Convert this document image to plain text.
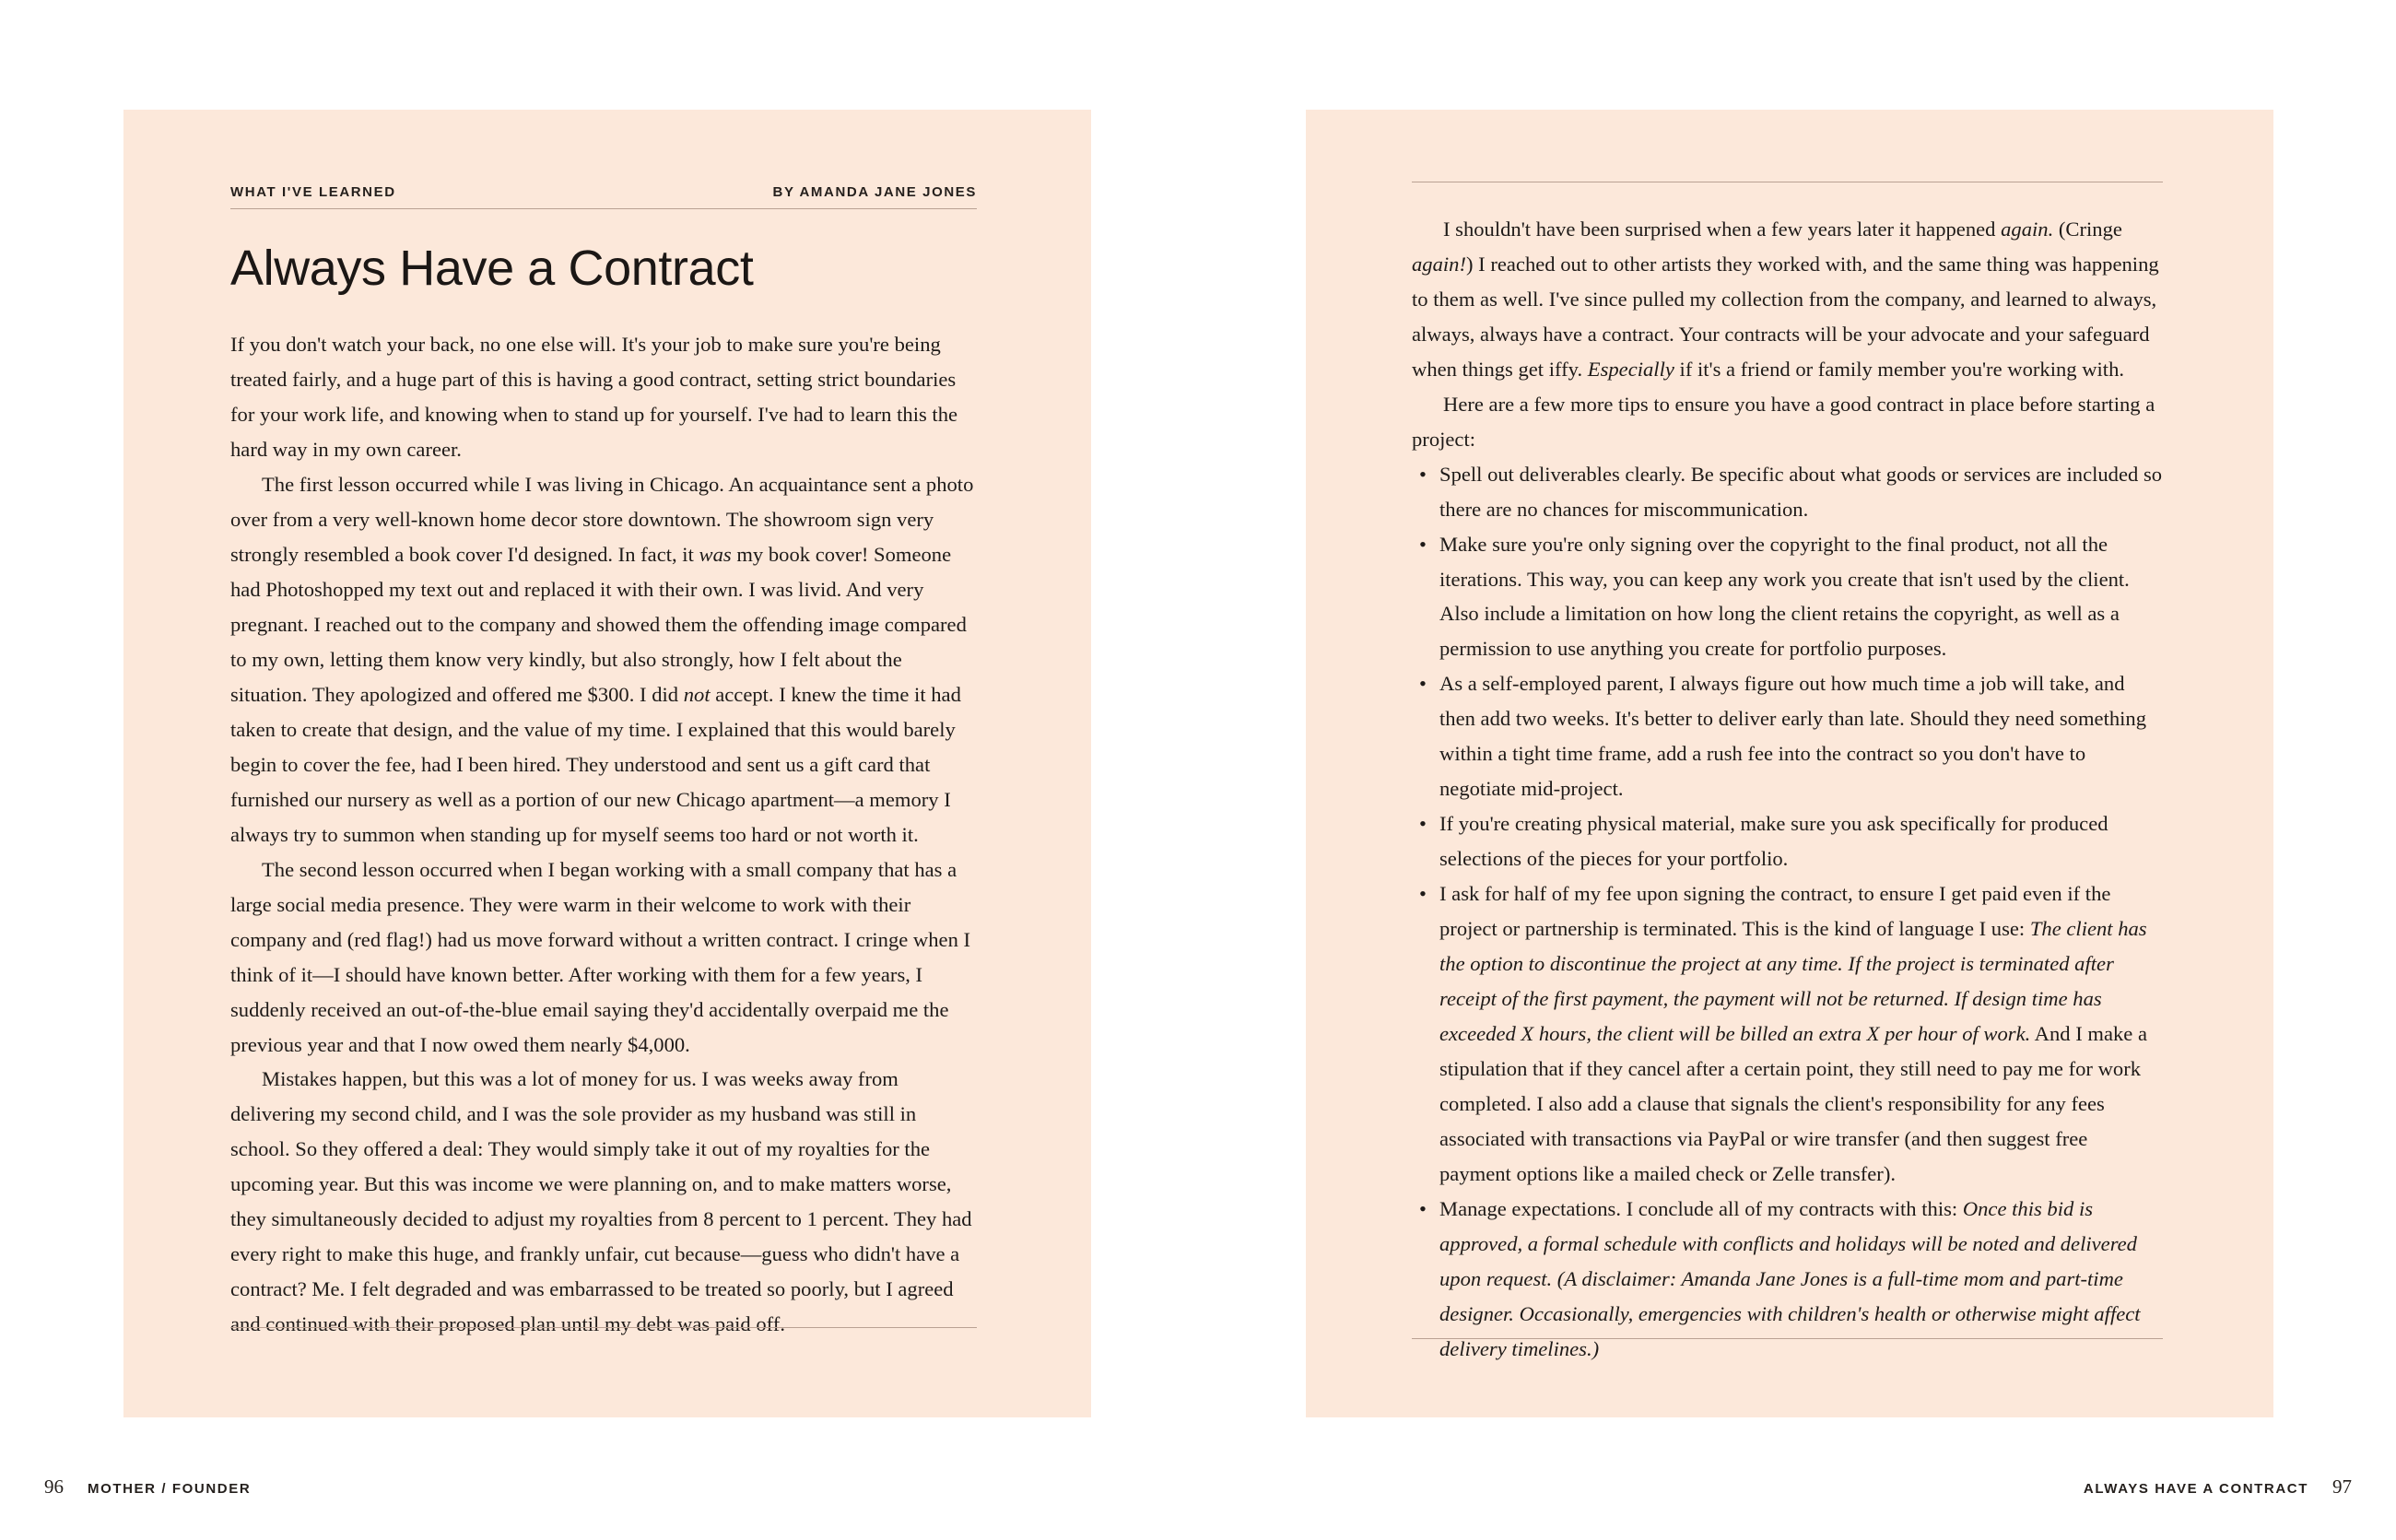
WHAT I'VE LEARNED	BY AMANDA JANE JONES
Always Have a Contract

If you don't watch your back, no one else will. It's your job to make sure you're being treated fairly, and a huge part of this is having a good contract, setting strict boundaries for your work life, and knowing when to stand up for yourself. I've had to learn this the hard way in my own career.

The first lesson occurred while I was living in Chicago. An acquaintance sent a photo over from a very well-known home decor store downtown. The showroom sign very strongly resembled a book cover I'd designed. In fact, it was my book cover! Someone had Photoshopped my text out and replaced it with their own. I was livid. And very pregnant. I reached out to the company and showed them the offending image compared to my own, letting them know very kindly, but also strongly, how I felt about the situation. They apologized and offered me $300. I did not accept. I knew the time it had taken to create that design, and the value of my time. I explained that this would barely begin to cover the fee, had I been hired. They understood and sent us a gift card that furnished our nursery as well as a portion of our new Chicago apartment—a memory I always try to summon when standing up for myself seems too hard or not worth it.

The second lesson occurred when I began working with a small company that has a large social media presence. They were warm in their welcome to work with their company and (red flag!) had us move forward without a written contract. I cringe when I think of it—I should have known better. After working with them for a few years, I suddenly received an out-of-the-blue email saying they'd accidentally overpaid me the previous year and that I now owed them nearly $4,000.

Mistakes happen, but this was a lot of money for us. I was weeks away from delivering my second child, and I was the sole provider as my husband was still in school. So they offered a deal: They would simply take it out of my royalties for the upcoming year. But this was income we were planning on, and to make matters worse, they simultaneously decided to adjust my royalties from 8 percent to 1 percent. They had every right to make this huge, and frankly unfair, cut because—guess who didn't have a contract? Me. I felt degraded and was embarrassed to be treated so poorly, but I agreed and continued with their proposed plan until my debt was paid off.

96 MOTHER / FOUNDER

I shouldn't have been surprised when a few years later it happened again. (Cringe again!) I reached out to other artists they worked with, and the same thing was happening to them as well. I've since pulled my collection from the company, and learned to always, always, always have a contract. Your contracts will be your advocate and your safeguard when things get iffy. Especially if it's a friend or family member you're working with.

Here are a few more tips to ensure you have a good contract in place before starting a project:

• Spell out deliverables clearly. Be specific about what goods or services are included so there are no chances for miscommunication.
• Make sure you're only signing over the copyright to the final product, not all the iterations. This way, you can keep any work you create that isn't used by the client. Also include a limitation on how long the client retains the copyright, as well as a permission to use anything you create for portfolio purposes.
• As a self-employed parent, I always figure out how much time a job will take, and then add two weeks. It's better to deliver early than late. Should they need something within a tight time frame, add a rush fee into the contract so you don't have to negotiate mid-project.
• If you're creating physical material, make sure you ask specifically for produced selections of the pieces for your portfolio.
• I ask for half of my fee upon signing the contract, to ensure I get paid even if the project or partnership is terminated. This is the kind of language I use: The client has the option to discontinue the project at any time. If the project is terminated after receipt of the first payment, the payment will not be returned. If design time has exceeded X hours, the client will be billed an extra X per hour of work. And I make a stipulation that if they cancel after a certain point, they still need to pay me for work completed. I also add a clause that signals the client's responsibility for any fees associated with transactions via PayPal or wire transfer (and then suggest free payment options like a mailed check or Zelle transfer).
• Manage expectations. I conclude all of my contracts with this: Once this bid is approved, a formal schedule with conflicts and holidays will be noted and delivered upon request. (A disclaimer: Amanda Jane Jones is a full-time mom and part-time designer. Occasionally, emergencies with children's health or otherwise might affect delivery timelines.)
ALWAYS HAVE A CONTRACT 97
